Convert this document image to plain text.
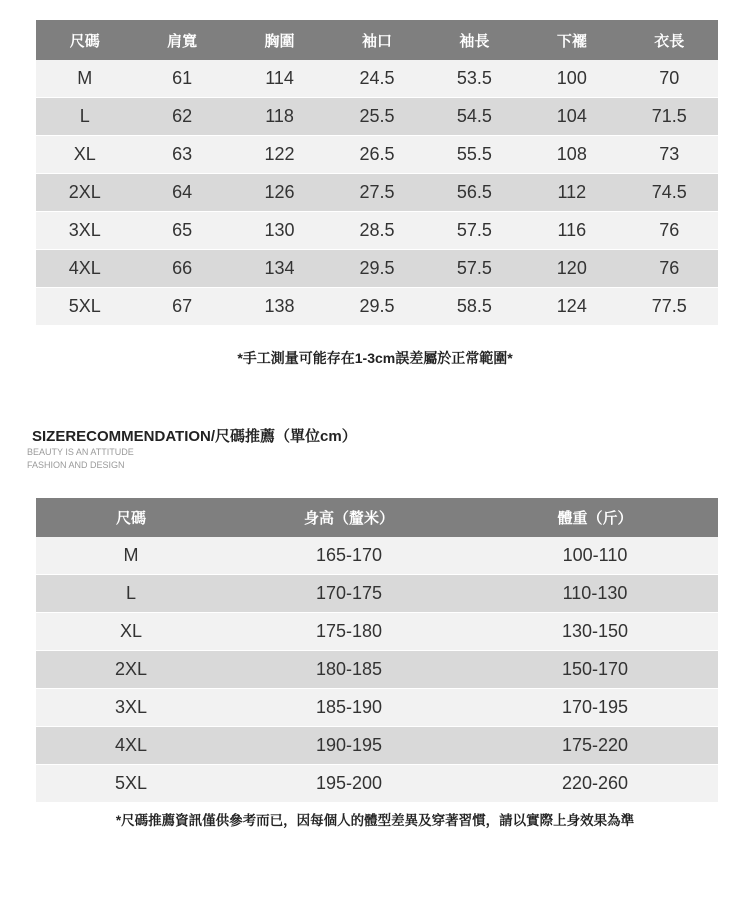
尺碼	肩寬	胸圍	袖口	袖長	下襬	衣長
M	61	114	24.5	53.5	100	70
L	62	118	25.5	54.5	104	71.5
XL	63	122	26.5	55.5	108	73
2XL	64	126	27.5	56.5	112	74.5
3XL	65	130	28.5	57.5	116	76
4XL	66	134	29.5	57.5	120	76
5XL	67	138	29.5	58.5	124	77.5
*手工測量可能存在1-3cm誤差屬於正常範圍*
SIZERECOMMENDATION/尺碼推薦（單位cm）
BEAUTY IS AN ATTITUDE
FASHION AND DESIGN
尺碼	身高（釐米）	體重（斤）
M	165-170	100-110
L	170-175	110-130
XL	175-180	130-150
2XL	180-185	150-170
3XL	185-190	170-195
4XL	190-195	175-220
5XL	195-200	220-260
*尺碼推薦資訊僅供參考而已，因每個人的體型差異及穿著習慣，請以實際上身效果為準
